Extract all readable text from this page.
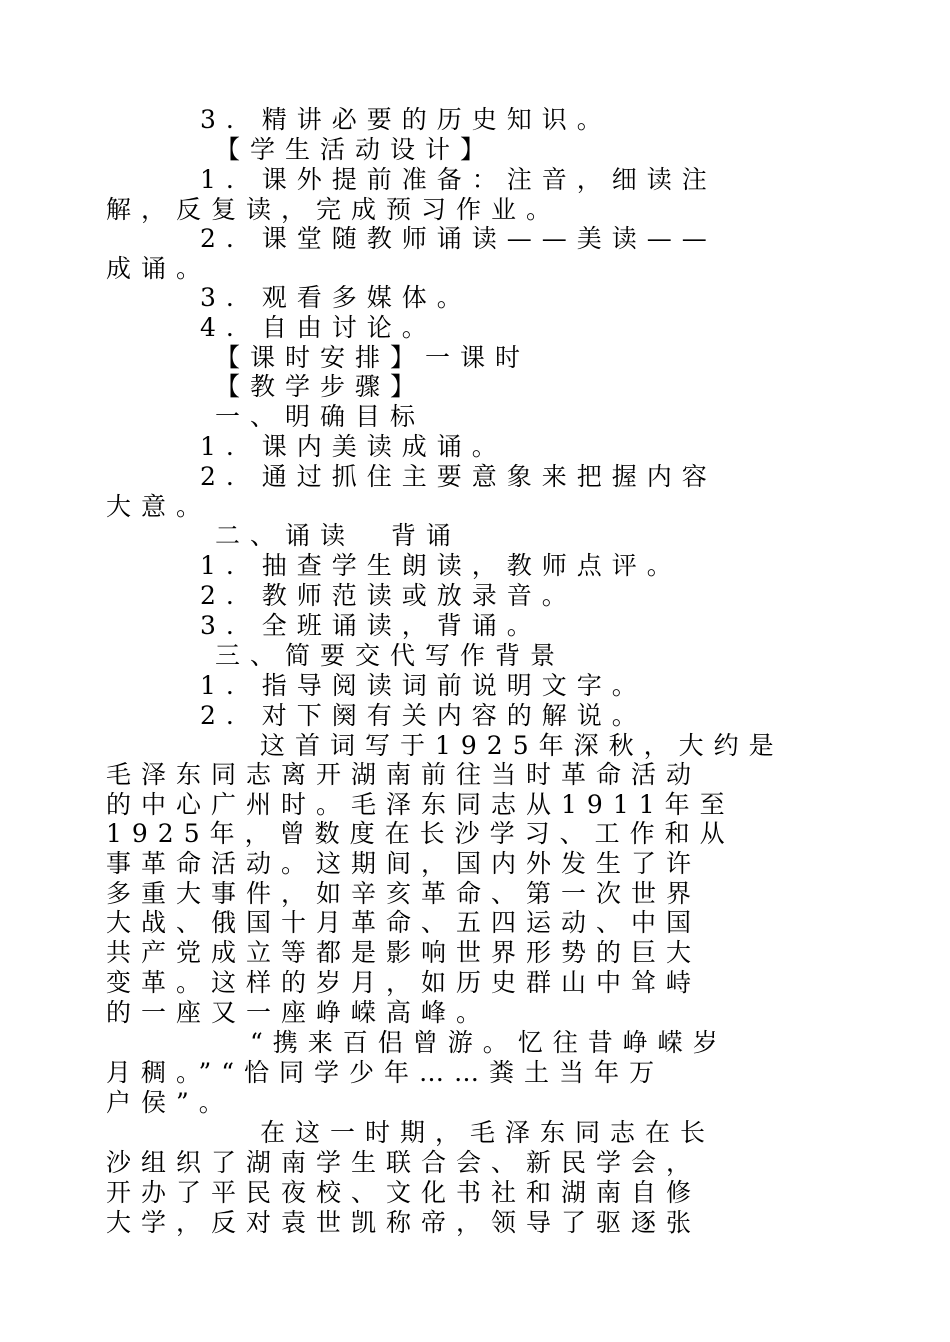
3. 精讲必要的历史知识。
【学生活动设计】
1. 课外提前准备：注音，细读注
解，反复读，完成预习作业。
2. 课堂随教师诵读——美读——
成诵。
3. 观看多媒体。
4. 自由讨论。
【课时安排】一课时
【教学步骤】
一、明确目标
1. 课内美读成诵。
2. 通过抓住主要意象来把握内容
大意。
二、诵读  背诵
1. 抽查学生朗读，教师点评。
2. 教师范读或放录音。
3. 全班诵读，背诵。
三、简要交代写作背景
1. 指导阅读词前说明文字。
2. 对下阕有关内容的解说。
这首词写于1925年深秋，大约是
毛泽东同志离开湖南前往当时革命活动
的中心广州时。毛泽东同志从1911年至
1925年，曾数度在长沙学习、工作和从
事革命活动。这期间，国内外发生了许
多重大事件，如辛亥革命、第一次世界
大战、俄国十月革命、五四运动、中国
共产党成立等都是影响世界形势的巨大
变革。这样的岁月，如历史群山中耸峙
的一座又一座峥嵘高峰。
“携来百侣曾游。忆往昔峥嵘岁
月稠。”“恰同学少年……粪土当年万
户侯”。
在这一时期，毛泽东同志在长
沙组织了湖南学生联合会、新民学会，
开办了平民夜校、文化书社和湖南自修
大学，反对袁世凯称帝，领导了驱逐张
